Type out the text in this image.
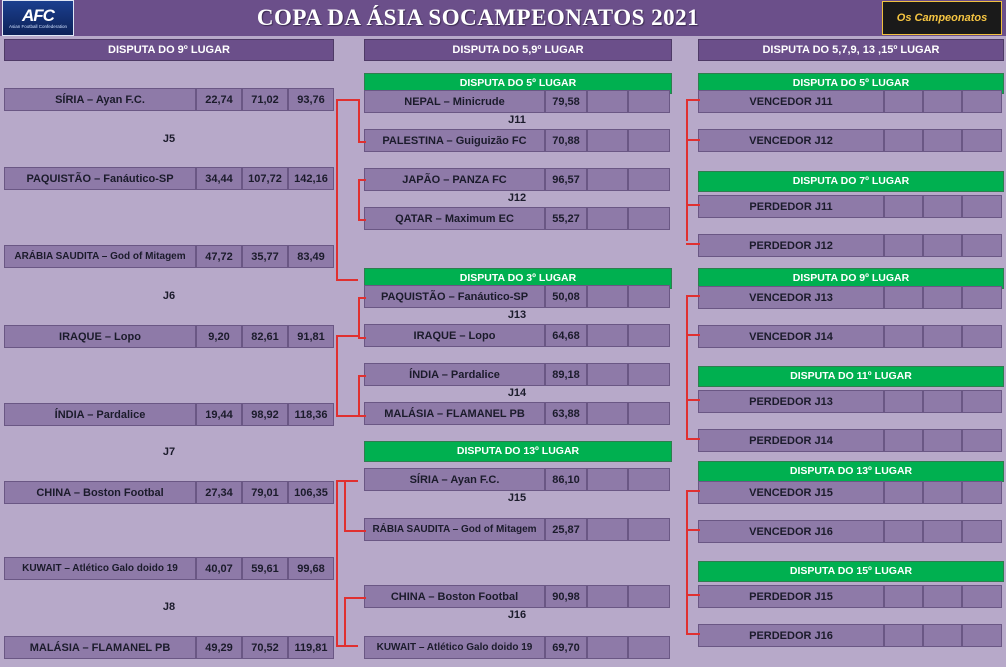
AFC
Asian Football Confederation	COPA DA ÁSIA SOCAMPEONATOS 2021	Os Campeonatos
DISPUTA DO 9º LUGAR	DISPUTA DO 5,9º LUGAR	DISPUTA DO 5,7,9, 13 ,15º LUGAR
SÍRIA – Ayan F.C.	22,74	71,02	93,76
J5
PAQUISTÃO – Fanáutico-SP	34,44	107,72	142,16
ARÁBIA SAUDITA – God of Mitagem	47,72	35,77	83,49
J6
IRAQUE – Lopo	9,20	82,61	91,81
ÍNDIA – Pardalice	19,44	98,92	118,36
J7
CHINA – Boston Footbal	27,34	79,01	106,35
KUWAIT – Atlético Galo doido 19	40,07	59,61	99,68
J8
MALÁSIA – FLAMANEL PB	49,29	70,52	119,81
DISPUTA DO 5º LUGAR
NEPAL – Minicrude	79,58
J11
PALESTINA – Guiguizão FC	70,88
JAPÃO – PANZA FC	96,57
J12
QATAR – Maximum EC	55,27
DISPUTA DO 3º LUGAR
PAQUISTÃO – Fanáutico-SP	50,08
J13
IRAQUE – Lopo	64,68
ÍNDIA – Pardalice	89,18
J14
MALÁSIA – FLAMANEL PB	63,88
DISPUTA DO 13º LUGAR
SÍRIA – Ayan F.C.	86,10
J15
RÁBIA SAUDITA – God of Mitagem	25,87
CHINA – Boston Footbal	90,98
J16
KUWAIT – Atlético Galo doido 19	69,70
DISPUTA DO 5º LUGAR
VENCEDOR J11
VENCEDOR J12
DISPUTA DO 7º LUGAR
PERDEDOR J11
PERDEDOR J12
DISPUTA DO 9º LUGAR
VENCEDOR J13
VENCEDOR J14
DISPUTA DO 11º LUGAR
PERDEDOR J13
PERDEDOR J14
DISPUTA DO 13º LUGAR
VENCEDOR J15
VENCEDOR J16
DISPUTA DO 15º LUGAR
PERDEDOR J15
PERDEDOR J16
